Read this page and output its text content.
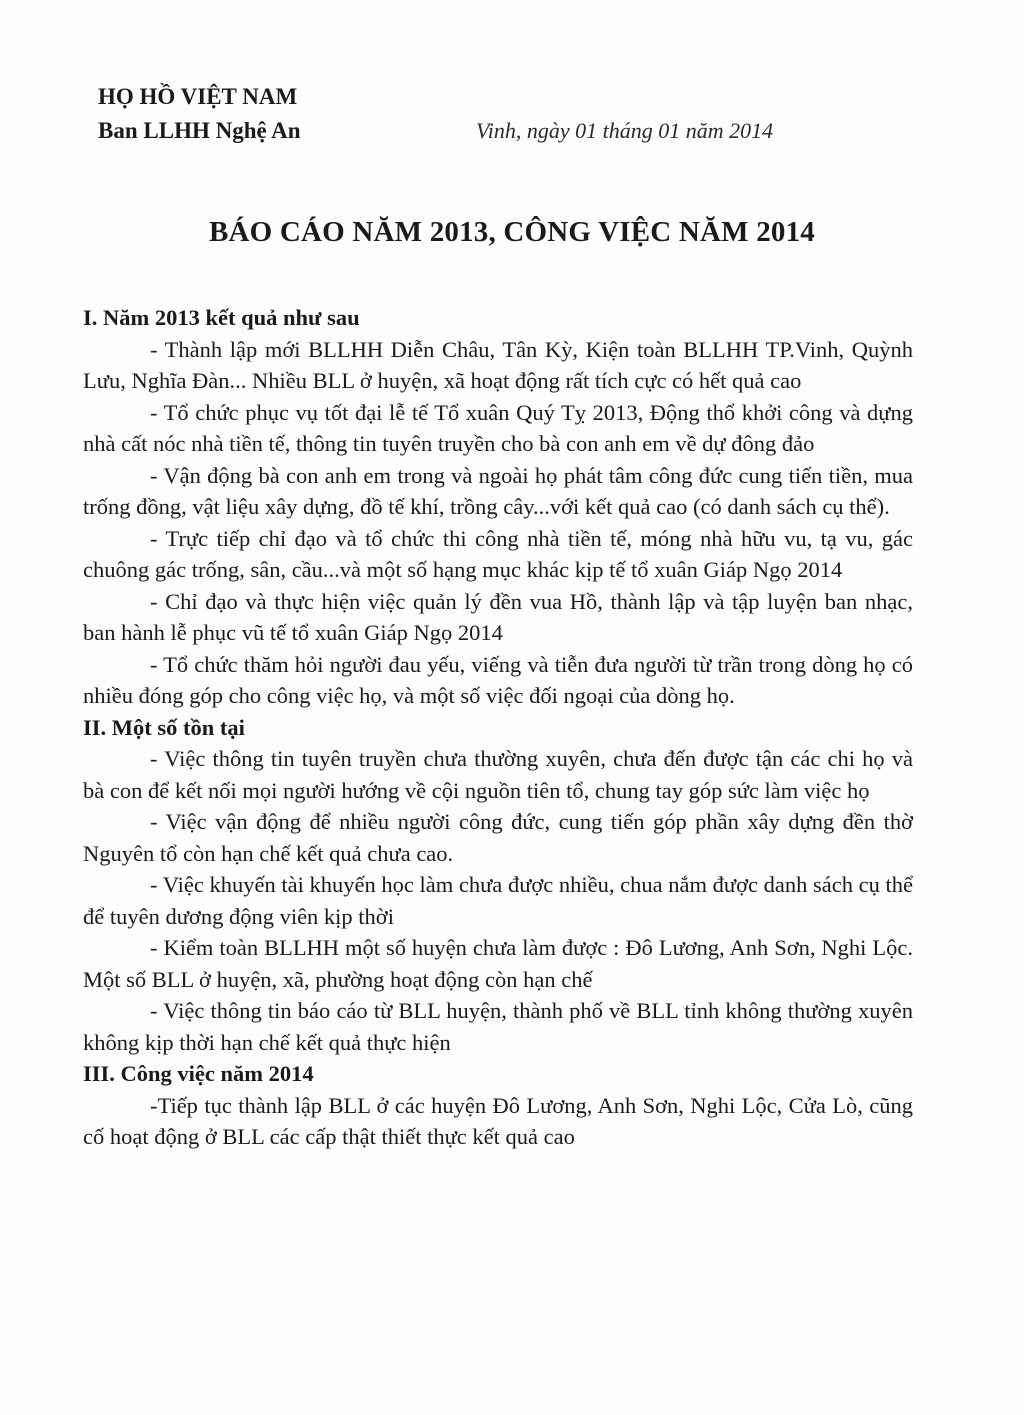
HỌ HỒ VIỆT NAM
Ban LLHH Nghệ An	Vinh, ngày 01 tháng 01 năm 2014
BÁO CÁO NĂM 2013, CÔNG VIỆC NĂM 2014

I. Năm 2013 kết quả như sau

- Thành lập mới BLLHH Diễn Châu, Tân Kỳ, Kiện toàn BLLHH TP.Vinh, Quỳnh Lưu, Nghĩa Đàn... Nhiều BLL ở huyện, xã hoạt động rất tích cực có hết quả cao

- Tổ chức phục vụ tốt đại lễ tế Tổ xuân Quý Tỵ 2013, Động thổ khởi công và dựng nhà cất nóc nhà tiền tế, thông tin tuyên truyền cho bà con anh em về dự đông đảo

- Vận động bà con anh em trong và ngoài họ phát tâm công đức cung tiến tiền, mua trống đồng, vật liệu xây dựng, đồ tế khí, trồng cây...với kết quả cao (có danh sách cụ thể).

- Trực tiếp chỉ đạo và tổ chức thi công nhà tiền tế, móng nhà hữu vu, tạ vu, gác chuông gác trống, sân, cầu...và một số hạng mục khác kịp tế tổ xuân Giáp Ngọ 2014

- Chỉ đạo và thực hiện việc quản lý đền vua Hồ, thành lập và tập luyện ban nhạc, ban hành lễ phục vũ tế tổ xuân Giáp Ngọ 2014

- Tổ chức thăm hỏi người đau yếu, viếng và tiễn đưa người từ trần trong dòng họ có nhiều đóng góp cho công việc họ, và một số việc đối ngoại của dòng họ.

II. Một số tồn tại

- Việc thông tin tuyên truyền chưa thường xuyên, chưa đến được tận các chi họ và bà con để kết nối mọi người hướng về cội nguồn tiên tổ, chung tay góp sức làm việc họ

- Việc vận động để nhiều người công đức, cung tiến góp phần xây dựng đền thờ Nguyên tổ còn hạn chế kết quả chưa cao.

- Việc khuyến tài khuyến học làm chưa được nhiều, chua nắm được danh sách cụ thể để tuyên dương động viên kịp thời

- Kiểm toàn BLLHH một số huyện chưa làm được : Đô Lương, Anh Sơn, Nghi Lộc. Một số BLL ở huyện, xã, phường hoạt động còn hạn chế

- Việc thông tin báo cáo từ BLL huyện, thành phố về BLL tỉnh không thường xuyên không kịp thời hạn chế kết quả thực hiện

III. Công việc năm 2014

-Tiếp tục thành lập BLL ở các huyện Đô Lương, Anh Sơn, Nghi Lộc, Cửa Lò, cũng cố hoạt động ở BLL các cấp thật thiết thực kết quả cao
